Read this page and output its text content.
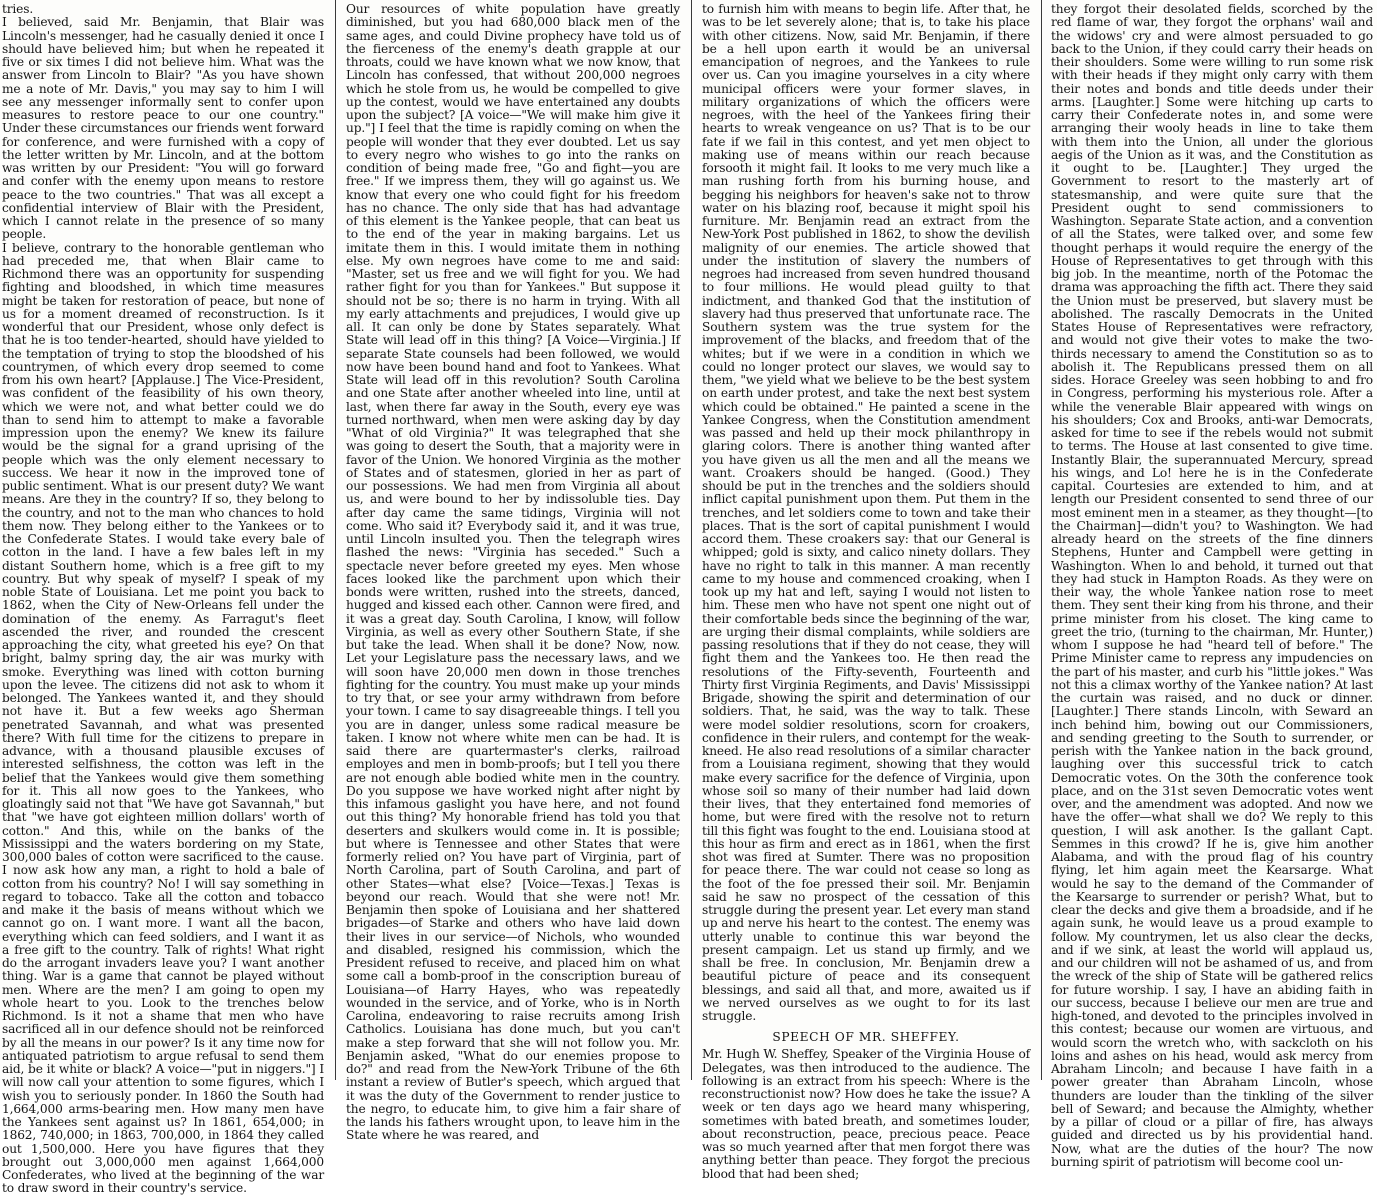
tries.
I believed, said Mr. Benjamin, that Blair was Lincoln's messenger, had he casually denied it once I should have believed him; but when he repeated it five or six times I did not believe him. What was the answer from Lincoln to Blair? "As you have shown me a note of Mr. Davis," you may say to him I will see any messenger informally sent to confer upon measures to restore peace to our one country." Under these circumstances our friends went forward for conference, and were furnished with a copy of the letter written by Mr. Lincoln, and at the bottom was written by our President: "You will go forward and confer with the enemy upon means to restore peace to the two countries." That was all except a confidential interview of Blair with the President, which I cannot relate in the presence of so many people.
I believe, contrary to the honorable gentleman who had preceded me, that when Blair came to Richmond there was an opportunity for suspending fighting and bloodshed, in which time measures might be taken for restoration of peace, but none of us for a moment dreamed of reconstruction. Is it wonderful that our President, whose only defect is that he is too tender-hearted, should have yielded to the temptation of trying to stop the bloodshed of his countrymen, of which every drop seemed to come from his own heart? [Applause.] The Vice-President, was confident of the feasibility of his own theory, which we were not, and what better could we do than to send him to attempt to make a favorable impression upon the enemy? We knew its failure would be the signal for a grand uprising of the people which was the only element necessary to success. We hear it now in the improved tone of public sentiment. What is our present duty? We want means. Are they in the country? If so, they belong to the country, and not to the man who chances to hold them now. They belong either to the Yankees or to the Confederate States. I would take every bale of cotton in the land. I have a few bales left in my distant Southern home, which is a free gift to my country. But why speak of myself? I speak of my noble State of Louisiana. Let me point you back to 1862, when the City of New-Orleans fell under the domination of the enemy. As Farragut's fleet ascended the river, and rounded the crescent approaching the city, what greeted his eye? On that bright, balmy spring day, the air was murky with smoke. Everything was lined with cotton burning upon the levee. The citizens did not ask to whom it belonged. The Yankees wanted it, and they should not have it. But a few weeks ago Sherman penetrated Savannah, and what was presented there? With full time for the citizens to prepare in advance, with a thousand plausible excuses of interested selfishness, the cotton was left in the belief that the Yankees would give them something for it. This all now goes to the Yankees, who gloatingly said not that "We have got Savannah," but that "we have got eighteen million dollars' worth of cotton." And this, while on the banks of the Mississippi and the waters bordering on my State, 300,000 bales of cotton were sacrificed to the cause. I now ask how any man, a right to hold a bale of cotton from his country? No! I will say something in regard to tobacco. Take all the cotton and tobacco and make it the basis of means without which we cannot go on. I want more. I want all the bacon, everything which can feed soldiers, and I want it as a free gift to the country. Talk of rights! What right do the arrogant invaders leave you? I want another thing. War is a game that cannot be played without men. Where are the men? I am going to open my whole heart to you. Look to the trenches below Richmond. Is it not a shame that men who have sacrificed all in our defence should not be reinforced by all the means in our power? Is it any time now for antiquated patriotism to argue refusal to send them aid, be it white or black? A voice—"put in niggers."] I will now call your attention to some figures, which I wish you to seriously ponder. In 1860 the South had 1,664,000 arms-bearing men. How many men have the Yankees sent against us? In 1861, 654,000; in 1862, 740,000; in 1863, 700,000, in 1864 they called out 1,500,000. Here you have figures that they brought out 3,000,000 men against 1,664,000 Confederates, who lived at the beginning of the war to draw sword in their country's service.
Our resources of white population have greatly diminished, but you had 680,000 black men of the same ages, and could Divine prophecy have told us of the fierceness of the enemy's death grapple at our throats, could we have known what we now know, that Lincoln has confessed, that without 200,000 negroes which he stole from us, he would be compelled to give up the contest, would we have entertained any doubts upon the subject? [A voice—"We will make him give it up."] I feel that the time is rapidly coming on when the people will wonder that they ever doubted. Let us say to every negro who wishes to go into the ranks on condition of being made free, "Go and fight—you are free." If we impress them, they will go against us. We know that every one who could fight for his freedom has no chance. The only side that has had advantage of this element is the Yankee people, that can beat us to the end of the year in making bargains. Let us imitate them in this. I would imitate them in nothing else. My own negroes have come to me and said: "Master, set us free and we will fight for you. We had rather fight for you than for Yankees." But suppose it should not be so; there is no harm in trying. With all my early attachments and prejudices, I would give up all. It can only be done by States separately. What State will lead off in this thing? [A Voice—Virginia.] If separate State counsels had been followed, we would now have been bound hand and foot to Yankees. What State will lead off in this revolution? South Carolina and one State after another wheeled into line, until at last, when there far away in the South, every eye was turned northward, when men were asking day by day "What of old Virginia?" It was telegraphed that she was going to desert the South, that a majority were in favor of the Union. We honored Virginia as the mother of States and of statesmen, gloried in her as part of our possessions. We had men from Virginia all about us, and were bound to her by indissoluble ties. Day after day came the same tidings, Virginia will not come. Who said it? Everybody said it, and it was true, until Lincoln insulted you. Then the telegraph wires flashed the news: "Virginia has seceded." Such a spectacle never before greeted my eyes. Men whose faces looked like the parchment upon which their bonds were written, rushed into the streets, danced, hugged and kissed each other. Cannon were fired, and it was a great day. South Carolina, I know, will follow Virginia, as well as every other Southern State, if she but take the lead. When shall it be done? Now, now. Let your Legislature pass the necessary laws, and we will soon have 20,000 men down in those trenches fighting for the country. You must make up your minds to try that, or see your army withdrawn from before your town. I came to say disagreeable things. I tell you you are in danger, unless some radical measure be taken. I know not where white men can be had. It is said there are quartermaster's clerks, railroad employes and men in bomb-proofs; but I tell you there are not enough able bodied white men in the country. Do you suppose we have worked night after night by this infamous gaslight you have here, and not found out this thing? My honorable friend has told you that deserters and skulkers would come in. It is possible; but where is Tennessee and other States that were formerly relied on? You have part of Virginia, part of North Carolina, part of South Carolina, and part of other States—what else? [Voice—Texas.] Texas is beyond our reach. Would that she were not! Mr. Benjamin then spoke of Louisiana and her shattered brigades—of Starke and others who have laid down their lives in our service—of Nichols, who wounded and disabled, resigned his commission, which the President refused to receive, and placed him on what some call a bomb-proof in the conscription bureau of Louisiana—of Harry Hayes, who was repeatedly wounded in the service, and of Yorke, who is in North Carolina, endeavoring to raise recruits among Irish Catholics. Louisiana has done much, but you can't make a step forward that she will not follow you. Mr. Benjamin asked, "What do our enemies propose to do?" and read from the New-York Tribune of the 6th instant a review of Butler's speech, which argued that it was the duty of the Government to render justice to the negro, to educate him, to give him a fair share of the lands his fathers wrought upon, to leave him in the State where he was reared, and
to furnish him with means to begin life. After that, he was to be let severely alone; that is, to take his place with other citizens. Now, said Mr. Benjamin, if there be a hell upon earth it would be an universal emancipation of negroes, and the Yankees to rule over us. Can you imagine yourselves in a city where municipal officers were your former slaves, in military organizations of which the officers were negroes, with the heel of the Yankees firing their hearts to wreak vengeance on us? That is to be our fate if we fail in this contest, and yet men object to making use of means within our reach because forsooth it might fail. It looks to me very much like a man rushing forth from his burning house, and begging his neighbors for heaven's sake not to throw water on his blazing roof, because it might spoil his furniture. Mr. Benjamin read an extract from the New-York Post published in 1862, to show the devilish malignity of our enemies. The article showed that under the institution of slavery the numbers of negroes had increased from seven hundred thousand to four millions. He would plead guilty to that indictment, and thanked God that the institution of slavery had thus preserved that unfortunate race. The Southern system was the true system for the improvement of the blacks, and freedom that of the whites; but if we were in a condition in which we could no longer protect our slaves, we would say to them, "we yield what we believe to be the best system on earth under protest, and take the next best system which could be obtained." He painted a scene in the Yankee Congress, when the Constitution amendment was passed and held up their mock philanthropy in glaring colors. There is another thing wanted after you have given us all the men and all the means we want. Croakers should be hanged. (Good.) They should be put in the trenches and the soldiers should inflict capital punishment upon them. Put them in the trenches, and let soldiers come to town and take their places. That is the sort of capital punishment I would accord them. These croakers say: that our General is whipped; gold is sixty, and calico ninety dollars. They have no right to talk in this manner. A man recently came to my house and commenced croaking, when I took up my hat and left, saying I would not listen to him. These men who have not spent one night out of their comfortable beds since the beginning of the war, are urging their dismal complaints, while soldiers are passing resolutions that if they do not cease, they will fight them and the Yankees too. He then read the resolutions of the Fifty-seventh, Fourteenth and Thirty first Virginia Regiments, and Davis' Mississippi Brigade, showing the spirit and determination of our soldiers. That, he said, was the way to talk. These were model soldier resolutions, scorn for croakers, confidence in their rulers, and contempt for the weak-kneed. He also read resolutions of a similar character from a Louisiana regiment, showing that they would make every sacrifice for the defence of Virginia, upon whose soil so many of their number had laid down their lives, that they entertained fond memories of home, but were fired with the resolve not to return till this fight was fought to the end. Louisiana stood at this hour as firm and erect as in 1861, when the first shot was fired at Sumter. There was no proposition for peace there. The war could not cease so long as the foot of the foe pressed their soil. Mr. Benjamin said he saw no prospect of the cessation of this struggle during the present year. Let every man stand up and nerve his heart to the contest. The enemy was utterly unable to continue this war beyond the present campaign. Let us stand up firmly, and we shall be free. In conclusion, Mr. Benjamin drew a beautiful picture of peace and its consequent blessings, and said all that, and more, awaited us if we nerved ourselves as we ought to for its last struggle.
SPEECH OF MR. SHEFFEY.
Mr. Hugh W. Sheffey, Speaker of the Virginia House of Delegates, was then introduced to the audience. The following is an extract from his speech: Where is the reconstructionist now? How does he take the issue? A week or ten days ago we heard many whispering, sometimes with bated breath, and sometimes louder, about reconstruction, peace, precious peace. Peace was so much yearned after that men forgot there was anything better than peace. They forgot the precious blood that had been shed;
they forgot their desolated fields, scorched by the red flame of war, they forgot the orphans' wail and the widows' cry and were almost persuaded to go back to the Union, if they could carry their heads on their shoulders. Some were willing to run some risk with their heads if they might only carry with them their notes and bonds and title deeds under their arms. [Laughter.] Some were hitching up carts to carry their Confederate notes in, and some were arranging their wooly heads in line to take them with them into the Union, all under the glorious aegis of the Union as it was, and the Constitution as it ought to be. [Laughter.] They urged the Government to resort to the masterly art of statesmanship, and were quite sure that the President ought to send commissioners to Washington. Separate State action, and a convention of all the States, were talked over, and some few thought perhaps it would require the energy of the House of Representatives to get through with this big job. In the meantime, north of the Potomac the drama was approaching the fifth act. There they said the Union must be preserved, but slavery must be abolished. The rascally Democrats in the United States House of Representatives were refractory, and would not give their votes to make the two-thirds necessary to amend the Constitution so as to abolish it. The Republicans pressed them on all sides. Horace Greeley was seen hobbing to and fro in Congress, performing his mysterious role. After a while the venerable Blair appeared with wings on his shoulders; Cox and Brooks, anti-war Democrats, asked for time to see if the rebels would not submit to terms. The House at last consented to give time. Instantly Blair, the superannuated Mercury, spread his wings, and Lo! here he is in the Confederate capital. Courtesies are extended to him, and at length our President consented to send three of our most eminent men in a steamer, as they thought—[to the Chairman]—didn't you? to Washington. We had already heard on the streets of the fine dinners Stephens, Hunter and Campbell were getting in Washington. When lo and behold, it turned out that they had stuck in Hampton Roads. As they were on their way, the whole Yankee nation rose to meet them. They sent their king from his throne, and their prime minister from his closet. The king came to greet the trio, (turning to the chairman, Mr. Hunter,) whom I suppose he had "heard tell of before." The Prime Minister came to repress any impudencies on the part of his master, and curb his "little jokes." Was not this a climax worthy of the Yankee nation? At last the curtain was raised, and no duck or dinner. [Laughter.] There stands Lincoln, with Seward an inch behind him, bowing out our Commissioners, and sending greeting to the South to surrender, or perish with the Yankee nation in the back ground, laughing over this successful trick to catch Democratic votes. On the 30th the conference took place, and on the 31st seven Democratic votes went over, and the amendment was adopted. And now we have the offer—what shall we do? We reply to this question, I will ask another. Is the gallant Capt. Semmes in this crowd? If he is, give him another Alabama, and with the proud flag of his country flying, let him again meet the Kearsarge. What would he say to the demand of the Commander of the Kearsarge to surrender or perish? What, but to clear the decks and give them a broadside, and if he again sunk, he would leave us a proud example to follow. My countrymen, let us also clear the decks, and if we sink, at least the world will applaud us, and our children will not be ashamed of us, and from the wreck of the ship of State will be gathered relics for future worship. I say, I have an abiding faith in our success, because I believe our men are true and high-toned, and devoted to the principles involved in this contest; because our women are virtuous, and would scorn the wretch who, with sackcloth on his loins and ashes on his head, would ask mercy from Abraham Lincoln; and because I have faith in a power greater than Abraham Lincoln, whose thunders are louder than the tinkling of the silver bell of Seward; and because the Almighty, whether by a pillar of cloud or a pillar of fire, has always guided and directed us by his providential hand. Now, what are the duties of the hour? The now burning spirit of patriotism will become cool un-
